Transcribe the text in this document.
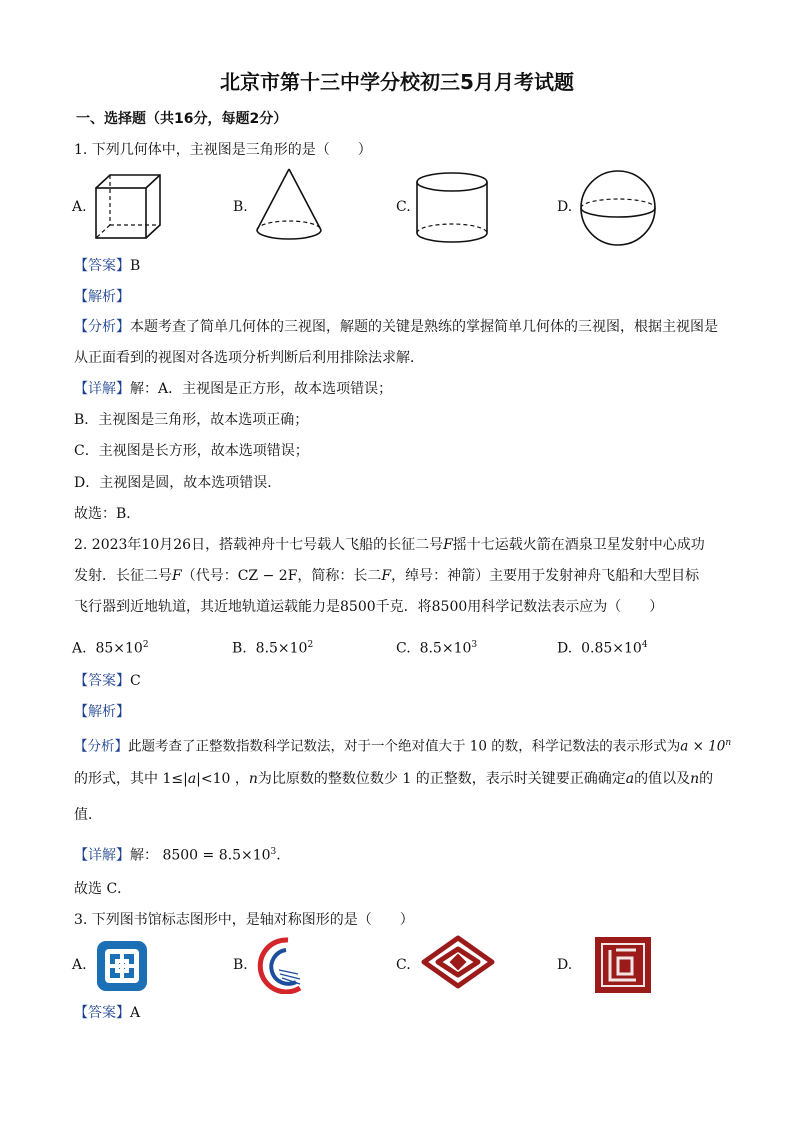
北京市第十三中学分校初三5月月考试题
一、选择题（共16分，每题2分）
1. 下列几何体中，主视图是三角形的是（　　）
A.	B.	C.	D.
【答案】B
【解析】
【分析】本题考查了简单几何体的三视图，解题的关键是熟练的掌握简单几何体的三视图，根据主视图是
从正面看到的视图对各选项分析判断后利用排除法求解．
【详解】解：A．主视图是正方形，故本选项错误；
B．主视图是三角形，故本选项正确；
C．主视图是长方形，故本选项错误；
D．主视图是圆，故本选项错误．
故选：B．
2. 2023年10月26日，搭载神舟十七号载人飞船的长征二号F摇十七运载火箭在酒泉卫星发射中心成功
发射．长征二号F（代号：CZ − 2F，简称：长二F，绰号：神箭）主要用于发射神舟飞船和大型目标
飞行器到近地轨道，其近地轨道运载能力是8500千克．将8500用科学记数法表示应为（　　）
A. $85\times 10^2$	B. $8.5\times 10^2$	C. $8.5\times 10^3$	D. $0.85\times 10^4$
【答案】C
【解析】
【分析】此题考查了正整数指数科学记数法，对于一个绝对值大于 10 的数，科学记数法的表示形式为$a \times 10^n$
的形式，其中 1≤|a|<10 ，n为比原数的整数位数少 1 的正整数，表示时关键要正确确定a的值以及n的
值．
【详解】解： $8500 = 8.5\times 10^3$．
故选 C．
3. 下列图书馆标志图形中，是轴对称图形的是（　　）
A.	B.	C.	D.
【答案】A
